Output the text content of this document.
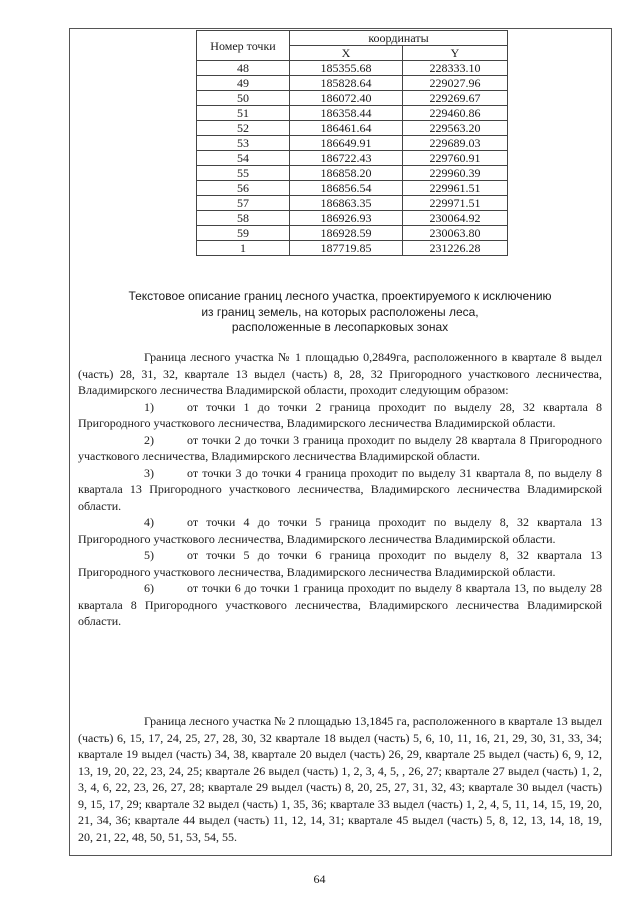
Номер точки	координаты	
	X	Y
48	185355.68	228333.10
49	185828.64	229027.96
50	186072.40	229269.67
51	186358.44	229460.86
52	186461.64	229563.20
53	186649.91	229689.03
54	186722.43	229760.91
55	186858.20	229960.39
56	186856.54	229961.51
57	186863.35	229971.51
58	186926.93	230064.92
59	186928.59	230063.80
1	187719.85	231226.28
Текстовое описание границ лесного участка, проектируемого к исключению
из границ земель, на которых расположены леса,
расположенные в лесопарковых зонах

Граница лесного участка № 1 площадью 0,2849га, расположенного в квартале 8 выдел (часть) 28, 31, 32, квартале 13 выдел (часть) 8, 28, 32 Пригородного участкового лесничества, Владимирского лесничества Владимирской области, проходит следующим образом:

1)	от точки 1 до точки 2 граница проходит по выделу 28, 32 квартала 8 Пригородного участкового лесничества, Владимирского лесничества Владимирской области.

2)	от точки 2 до точки 3 граница проходит по выделу 28 квартала 8 Пригородного участкового лесничества, Владимирского лесничества Владимирской области.

3)	от точки 3 до точки 4 граница проходит по выделу 31 квартала 8, по выделу 8 квартала 13 Пригородного участкового лесничества, Владимирского лесничества Владимирской области.

4)	от точки 4 до точки 5 граница проходит по выделу 8, 32 квартала 13 Пригородного участкового лесничества, Владимирского лесничества Владимирской области.

5)	от точки 5 до точки 6 граница проходит по выделу 8, 32 квартала 13 Пригородного участкового лесничества, Владимирского лесничества Владимирской области.

6)	от точки 6 до точки 1 граница проходит по выделу 8 квартала 13, по выделу 28 квартала 8 Пригородного участкового лесничества, Владимирского лесничества Владимирской области.

Граница лесного участка № 2 площадью 13,1845 га, расположенного в квартале 13 выдел (часть) 6, 15, 17, 24, 25, 27, 28, 30, 32 квартале 18 выдел (часть) 5, 6, 10, 11, 16, 21, 29, 30, 31, 33, 34; квартале 19 выдел (часть) 34, 38, квартале 20 выдел (часть) 26, 29, квартале 25 выдел (часть) 6, 9, 12, 13, 19, 20, 22, 23, 24, 25; квартале 26 выдел (часть) 1, 2, 3, 4, 5, , 26, 27; квартале 27 выдел (часть) 1, 2, 3, 4, 6, 22, 23, 26, 27, 28; квартале 29 выдел (часть) 8, 20, 25, 27, 31, 32, 43; квартале 30 выдел (часть) 9, 15, 17, 29; квартале 32 выдел (часть) 1, 35, 36; квартале 33 выдел (часть) 1, 2, 4, 5, 11, 14, 15, 19, 20, 21, 34, 36; квартале 44 выдел (часть) 11, 12, 14, 31; квартале 45 выдел (часть) 5, 8, 12, 13, 14, 18, 19, 20, 21, 22, 48, 50, 51, 53, 54, 55.

64
